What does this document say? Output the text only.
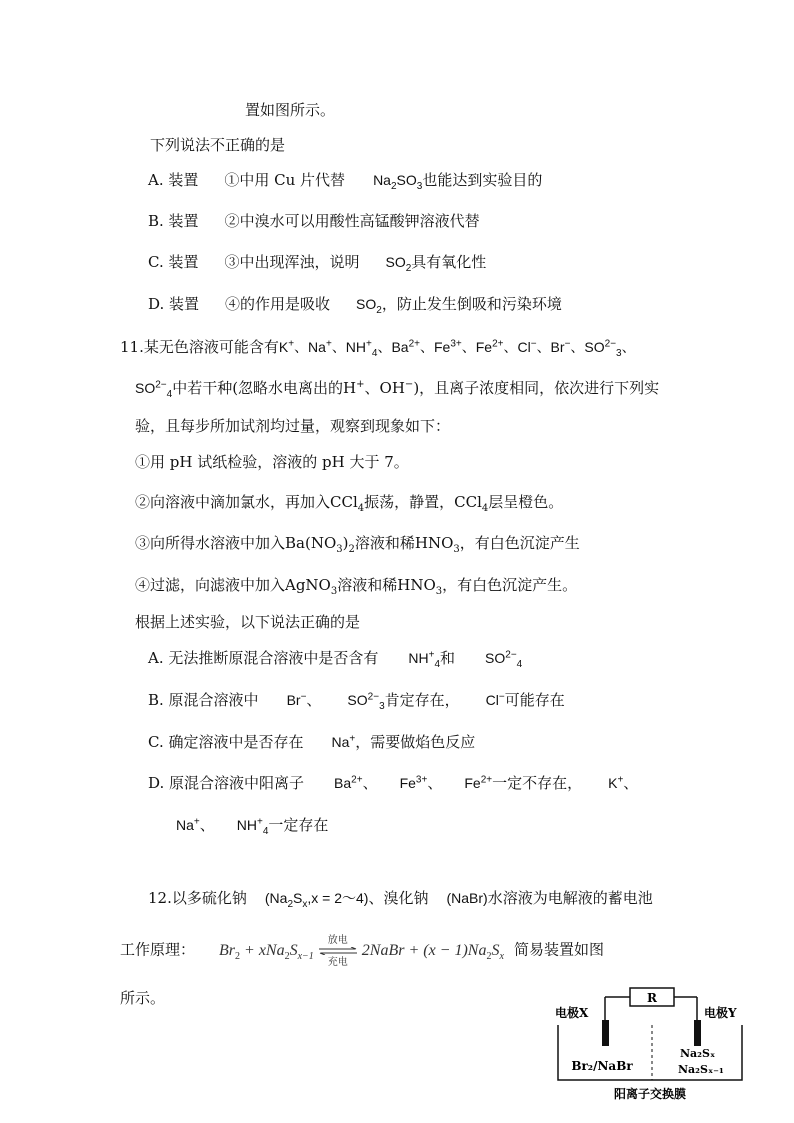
置如图所示。
下列说法不正确的是
A. 装置 ①中用 Cu 片代替 $Na_2SO_3$也能达到实验目的
B. 装置 ②中溴水可以用酸性高锰酸钾溶液代替
C. 装置 ③中出现浑浊，说明 $SO_2$具有氧化性
D. 装置 ④的作用是吸收 $SO_2$，防止发生倒吸和污染环境
11.某无色溶液可能含有K+、Na+、$NH^+_4$、$Ba^{2+}$、$Fe^{3+}$、$Fe^{2+}$、Cl−、Br−、$SO^{2-}_3$、
$SO^{2-}_4$中若干种(忽略水电离出的H+、OH−)，且离子浓度相同，依次进行下列实
验，且每步所加试剂均过量，观察到现象如下：
①用 pH 试纸检验，溶液的 pH 大于 7。
②向溶液中滴加氯水，再加入CCl$_4$振荡，静置，CCl$_4$层呈橙色。
③向所得水溶液中加入$Ba(NO_3)_2$溶液和稀$HNO_3$，有白色沉淀产生
④过滤，向滤液中加入AgNO$_3$溶液和稀$HNO_3$，有白色沉淀产生。
根据上述实验，以下说法正确的是
A. 无法推断原混合溶液中是否含有 $NH^+_4$和 $SO^{2-}_4$
B. 原混合溶液中 Br−、 $SO^{2-}_3$肯定存在， Cl−可能存在
C. 确定溶液中是否存在 Na+，需要做焰色反应
D. 原混合溶液中阳离子 $Ba^{2+}$、 $Fe^{3+}$、 $Fe^{2+}$一定不存在， K+、
Na+、 $NH^+_4$一定存在
12.以多硫化钠 ($Na_2S_x,x$ = 2～4)、溴化钠 (NaBr)水溶液为电解液的蓄电池
工作原理： $Br_2 + xNa_2S_{x-1}$
放电
充电
2NaBr + $(x - 1)Na_2S_x$ 简易装置如图
所示。	R
电极X	电极Y
Br₂/NaBr
Na₂Sₓ
Na₂Sₓ₋₁
阳离子交换膜
